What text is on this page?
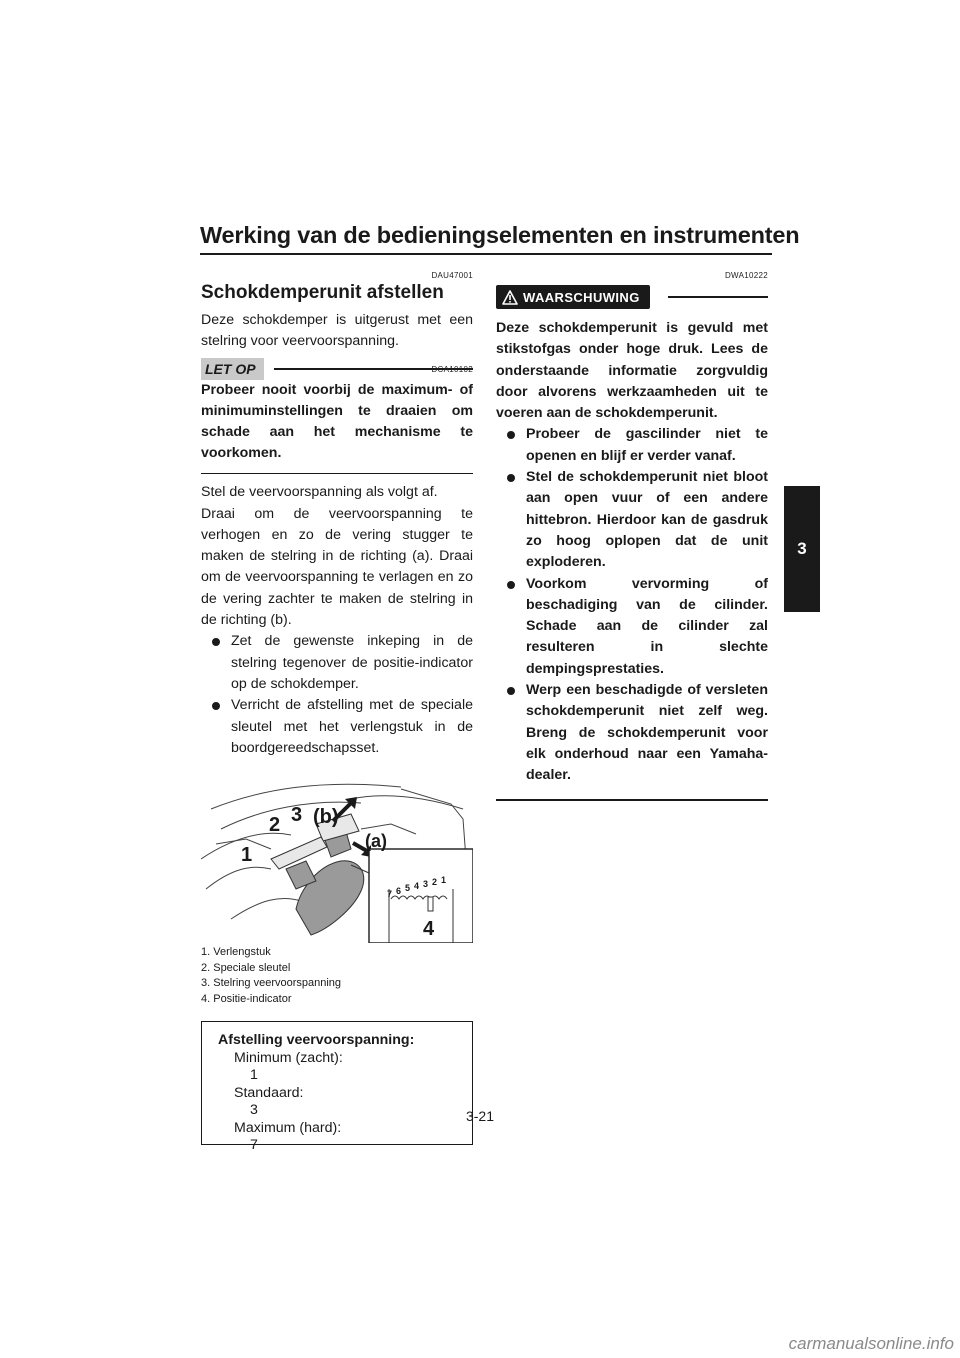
Werking van de bedieningselementen en instrumenten
3
DAU47001
Schokdemperunit afstellen

Deze schokdemper is uitgerust met een stelring voor veervoorspanning.

LET OP	DCA10102
Probeer nooit voorbij de maximum- of minimuminstellingen te draaien om schade aan het mechanisme te voorkomen.

Stel de veervoorspanning als volgt af.

Draai om de veervoorspanning te verhogen en zo de vering stugger te maken de stelring in de richting (a). Draai om de veervoorspanning te verlagen en zo de vering zachter te maken de stelring in de richting (b).

Zet de gewenste inkeping in de stelring tegenover de positie-indicator op de schokdemper.
Verricht de afstelling met de speciale sleutel met het verlengstuk in de boordgereedschapsset.
1
2 3 (b)
(a)
4
7 6 5 4 3 2 1
1. Verlengstuk
2. Speciale sleutel
3. Stelring veervoorspanning
4. Positie-indicator
Afstelling veervoorspanning:
Minimum (zacht):
1
Standaard:
3
Maximum (hard):
7
DWA10222
WAARSCHUWING
Deze schokdemperunit is gevuld met stikstofgas onder hoge druk. Lees de onderstaande informatie zorgvuldig door alvorens werkzaamheden uit te voeren aan de schokdemperunit.
Probeer de gascilinder niet te openen en blijf er verder vanaf.
Stel de schokdemperunit niet bloot aan open vuur of een andere hittebron. Hierdoor kan de gasdruk zo hoog oplopen dat de unit exploderen.
Voorkom vervorming of beschadiging van de cilinder. Schade aan de cilinder zal resulteren in slechte dempingsprestaties.
Werp een beschadigde of versleten schokdemperunit niet zelf weg. Breng de schokdemperunit voor elk onderhoud naar een Yamaha-dealer.
3-21
carmanualsonline.info
